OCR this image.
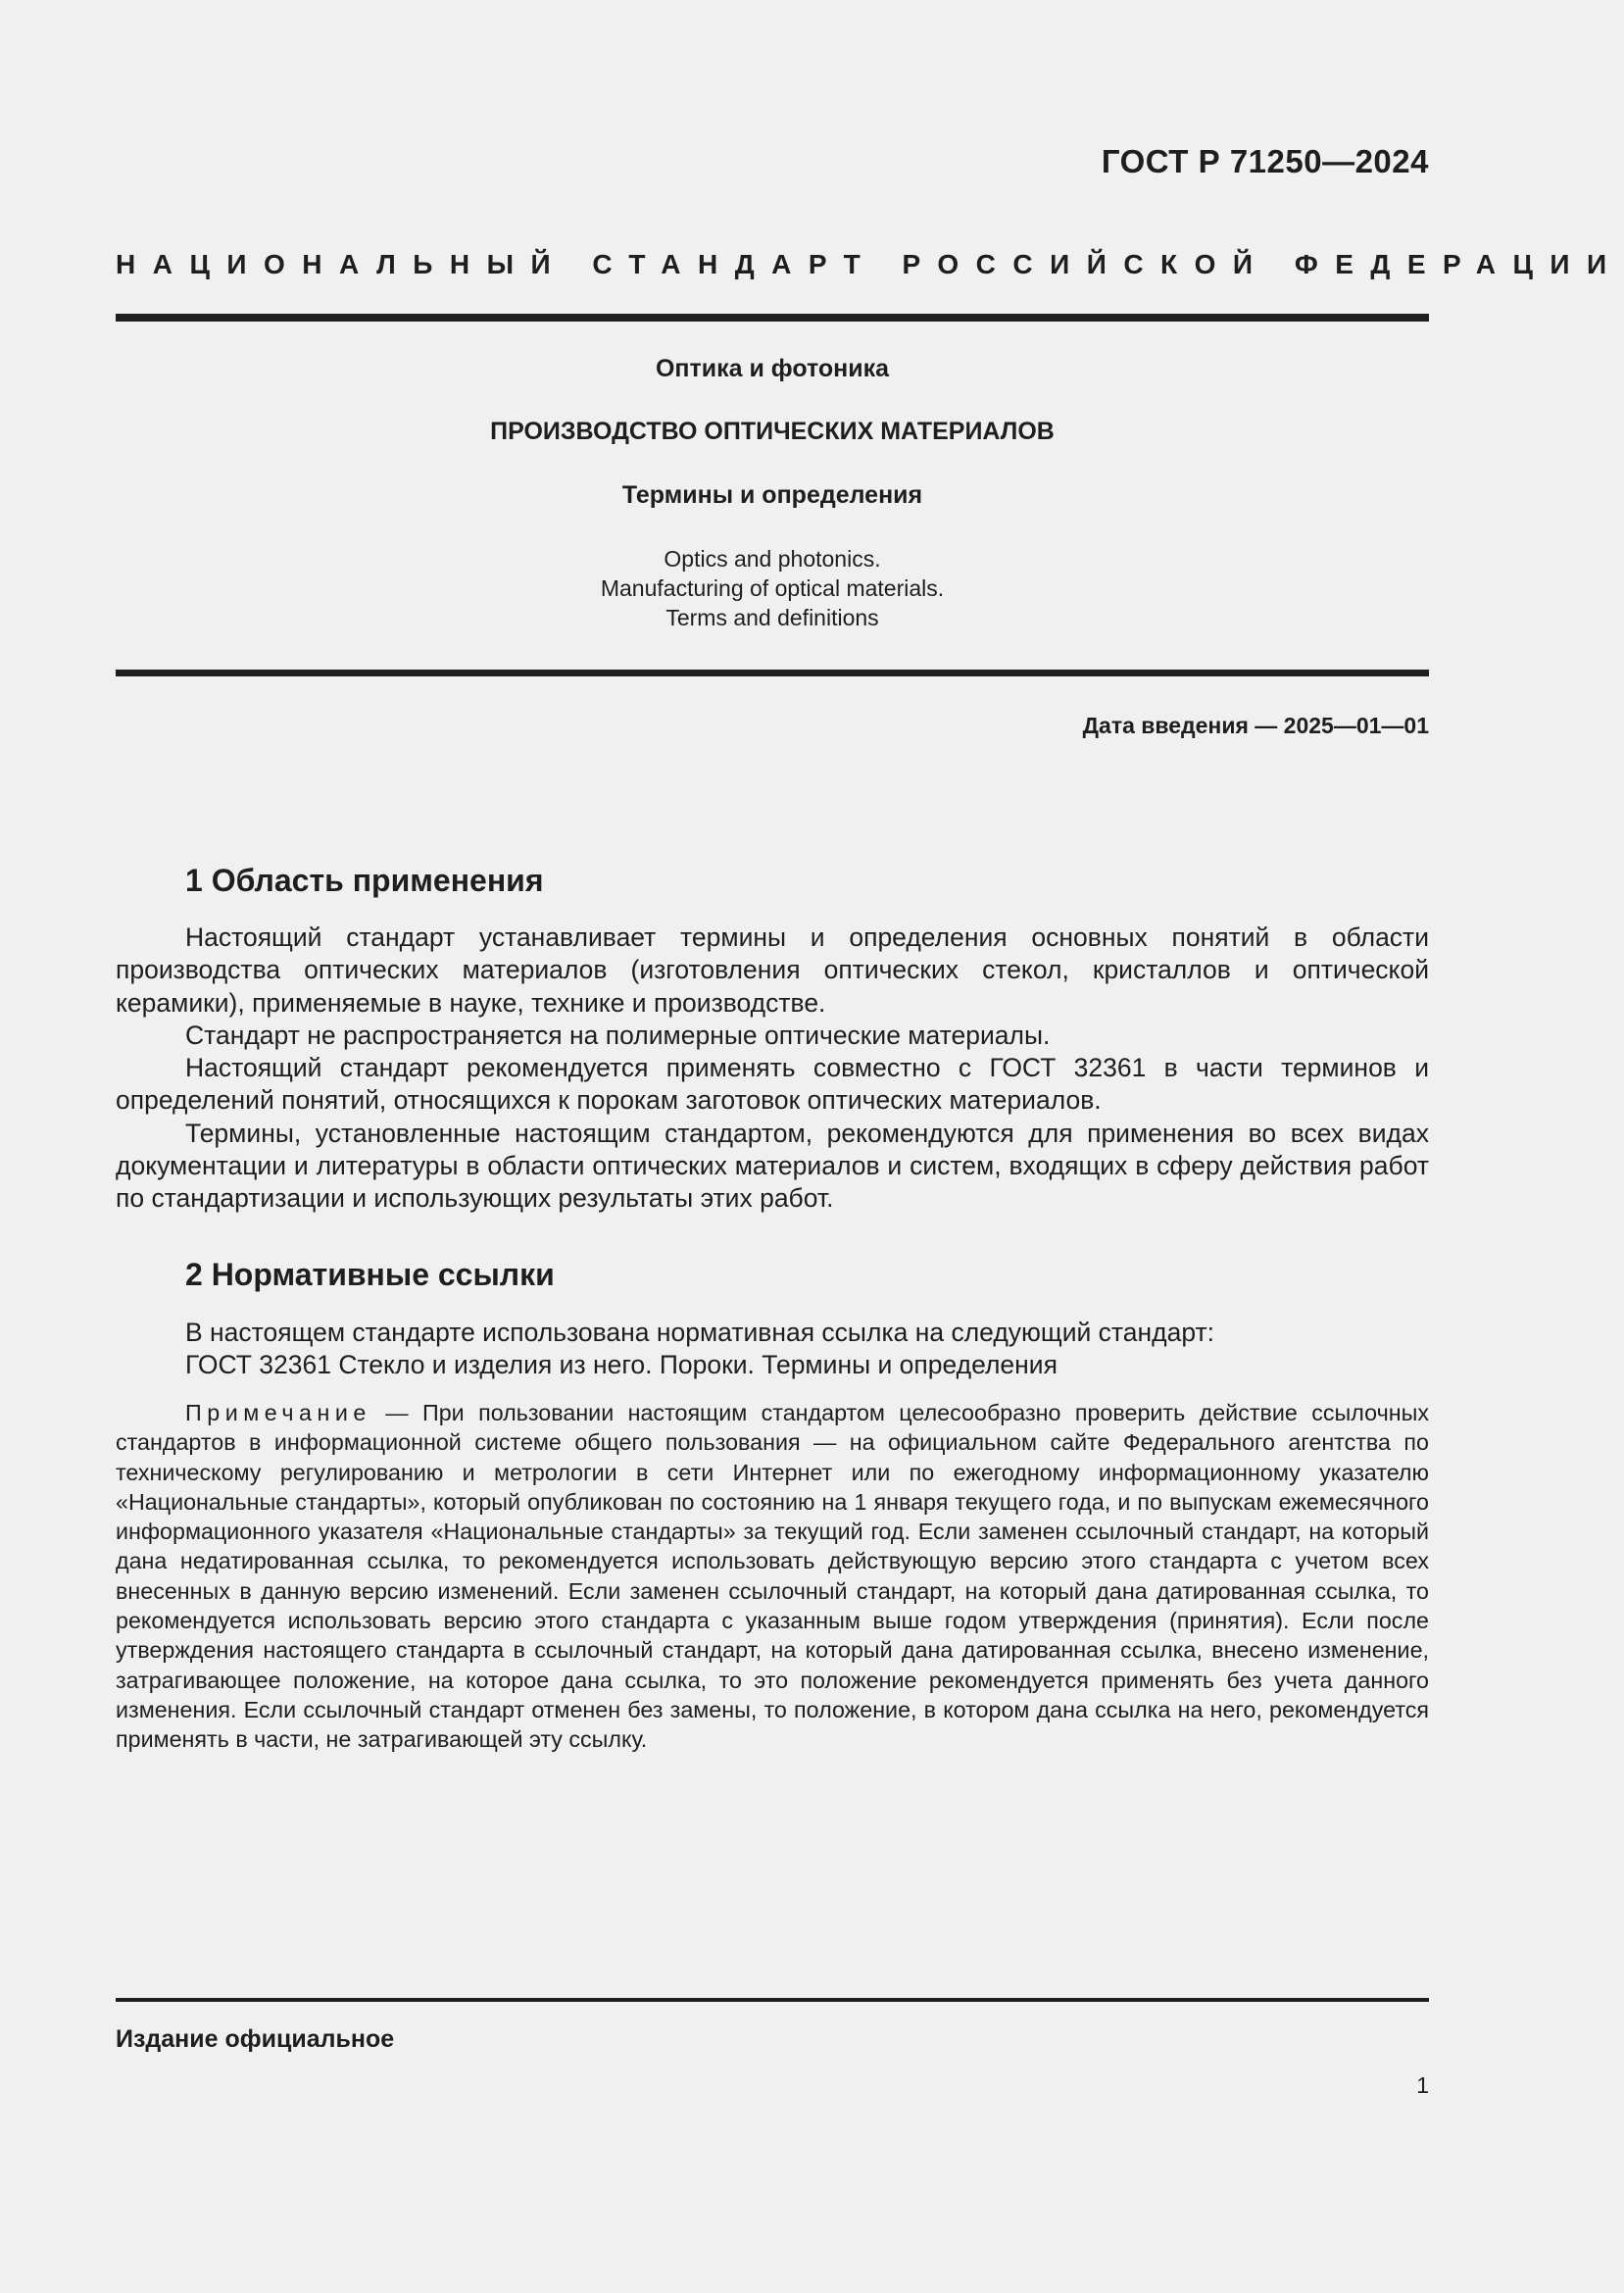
ГОСТ Р 71250—2024
НАЦИОНАЛЬНЫЙ СТАНДАРТ РОССИЙСКОЙ ФЕДЕРАЦИИ
Оптика и фотоника
ПРОИЗВОДСТВО ОПТИЧЕСКИХ МАТЕРИАЛОВ
Термины и определения
Optics and photonics.
Manufacturing of optical materials.
Terms and definitions
Дата введения — 2025—01—01
1 Область применения

Настоящий стандарт устанавливает термины и определения основных понятий в области производства оптических материалов (изготовления оптических стекол, кристаллов и оптической керамики), применяемые в науке, технике и производстве.

Стандарт не распространяется на полимерные оптические материалы.

Настоящий стандарт рекомендуется применять совместно с ГОСТ 32361 в части терминов и определений понятий, относящихся к порокам заготовок оптических материалов.

Термины, установленные настоящим стандартом, рекомендуются для применения во всех видах документации и литературы в области оптических материалов и систем, входящих в сферу действия работ по стандартизации и использующих результаты этих работ.

2 Нормативные ссылки

В настоящем стандарте использована нормативная ссылка на следующий стандарт:

ГОСТ 32361 Стекло и изделия из него. Пороки. Термины и определения

Примечание — При пользовании настоящим стандартом целесообразно проверить действие ссылочных стандартов в информационной системе общего пользования — на официальном сайте Федерального агентства по техническому регулированию и метрологии в сети Интернет или по ежегодному информационному указателю «Национальные стандарты», который опубликован по состоянию на 1 января текущего года, и по выпускам ежемесячного информационного указателя «Национальные стандарты» за текущий год. Если заменен ссылочный стандарт, на который дана недатированная ссылка, то рекомендуется использовать действующую версию этого стандарта с учетом всех внесенных в данную версию изменений. Если заменен ссылочный стандарт, на который дана датированная ссылка, то рекомендуется использовать версию этого стандарта с указанным выше годом утверждения (принятия). Если после утверждения настоящего стандарта в ссылочный стандарт, на который дана датированная ссылка, внесено изменение, затрагивающее положение, на которое дана ссылка, то это положение рекомендуется применять без учета данного изменения. Если ссылочный стандарт отменен без замены, то положение, в котором дана ссылка на него, рекомендуется применять в части, не затрагивающей эту ссылку.
Издание официальное
1
